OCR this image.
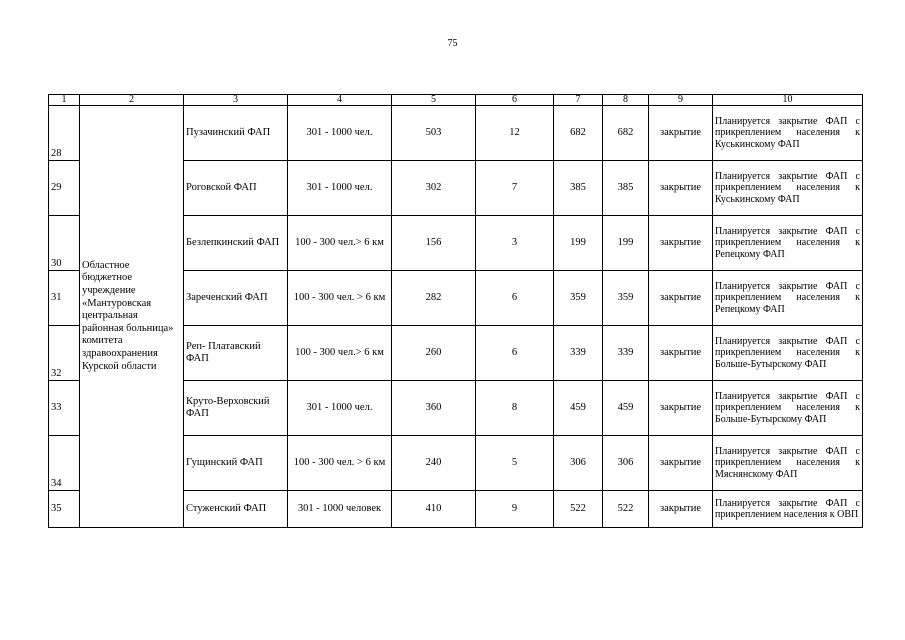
75
1	2	3	4	5	6	7	8	9	10
28	Областное бюджетное учреждение «Мантуровская центральная районная больница» комитета здравоохранения Курской области	Пузачинский ФАП	301 - 1000 чел.	503	12	682	682	закрытие	Планируется закрытие ФАП с прикреплением населения к Куськинскому ФАП
29		Роговской ФАП	301 - 1000 чел.	302	7	385	385	закрытие	Планируется закрытие ФАП с прикреплением населения к Куськинскому ФАП
30		Безлепкинский ФАП	100 - 300 чел.> 6 км	156	3	199	199	закрытие	Планируется закрытие ФАП с прикреплением населения к Репецкому ФАП
31		Зареченский ФАП	100 - 300 чел. > 6 км	282	6	359	359	закрытие	Планируется закрытие ФАП с прикреплением населения к Репецкому ФАП
32		Реп- Платавский ФАП	100 - 300 чел.> 6 км	260	6	339	339	закрытие	Планируется закрытие ФАП с прикреплением населения к Больше-Бутырскому ФАП
33		Круто-Верховский ФАП	301 - 1000 чел.	360	8	459	459	закрытие	Планируется закрытие ФАП с прикреплением населения к Больше-Бутырскому ФАП
34		Гущинский ФАП	100 - 300 чел. > 6 км	240	5	306	306	закрытие	Планируется закрытие ФАП с прикреплением населения к Мяснянскому ФАП
35		Стуженский ФАП	301 - 1000 человек	410	9	522	522	закрытие	Планируется закрытие ФАП с прикреплением населения к ОВП
